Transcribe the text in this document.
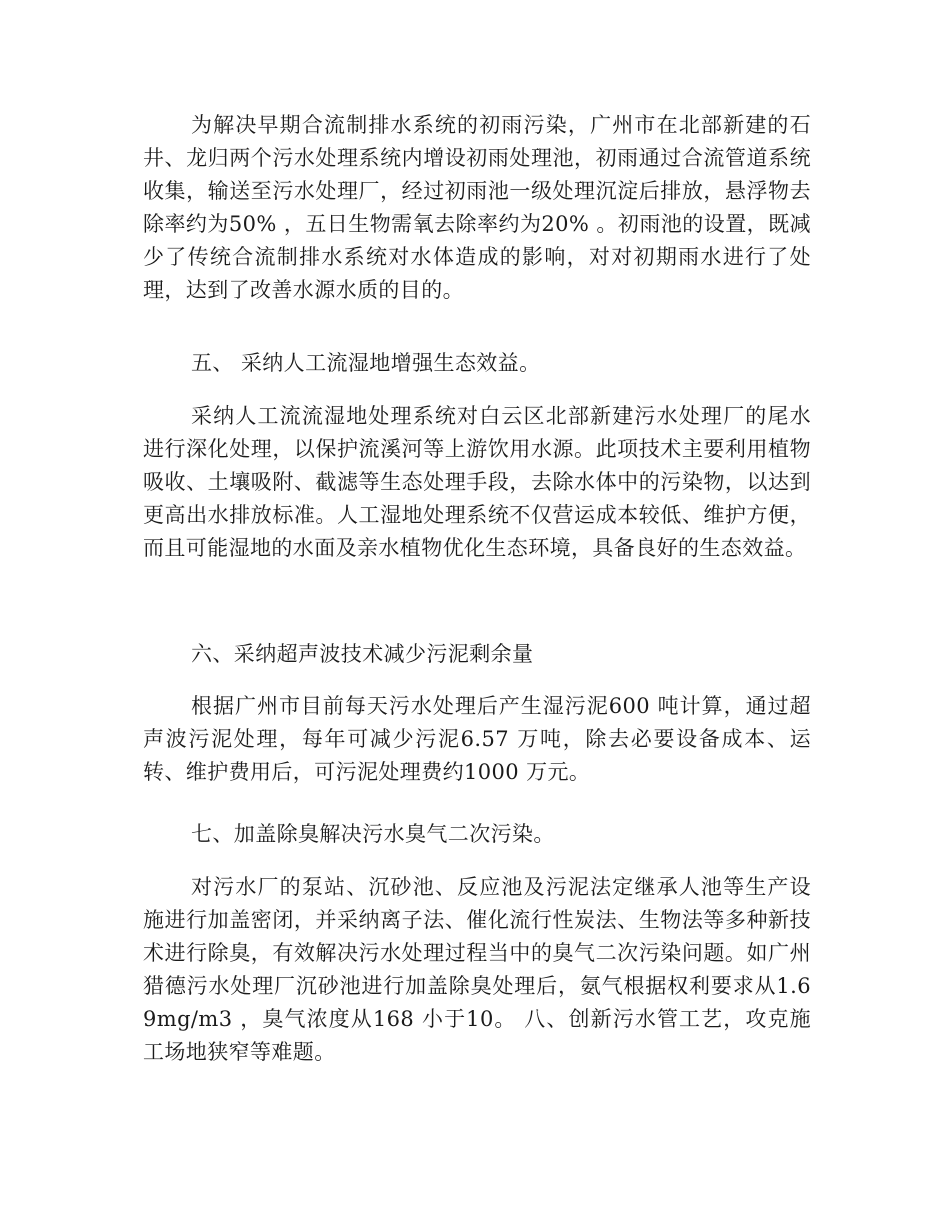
为解决早期合流制排水系统的初雨污染，广州市在北部新建的石井、龙归两个污水处理系统内增设初雨处理池，初雨通过合流管道系统收集，输送至污水处理厂，经过初雨池一级处理沉淀后排放，悬浮物去除率约为50% ，五日生物需氧去除率约为20% 。初雨池的设置，既减少了传统合流制排水系统对水体造成的影响，对对初期雨水进行了处理，达到了改善水源水质的目的。

五、 采纳人工流湿地增强生态效益。

采纳人工流流湿地处理系统对白云区北部新建污水处理厂的尾水进行深化处理，以保护流溪河等上游饮用水源。此项技术主要利用植物吸收、土壤吸附、截滤等生态处理手段，去除水体中的污染物，以达到更高出水排放标准。人工湿地处理系统不仅营运成本较低、维护方便，而且可能湿地的水面及亲水植物优化生态环境，具备良好的生态效益。

六、采纳超声波技术减少污泥剩余量

根据广州市目前每天污水处理后产生湿污泥600 吨计算，通过超声波污泥处理，每年可减少污泥6.57 万吨，除去必要设备成本、运转、维护费用后，可污泥处理费约1000 万元。

七、加盖除臭解决污水臭气二次污染。

对污水厂的泵站、沉砂池、反应池及污泥法定继承人池等生产设施进行加盖密闭，并采纳离子法、催化流行性炭法、生物法等多种新技术进行除臭，有效解决污水处理过程当中的臭气二次污染问题。如广州猎德污水处理厂沉砂池进行加盖除臭处理后，氨气根据权利要求从1.69mg/m3 ，臭气浓度从168 小于10。 八、创新污水管工艺，攻克施工场地狭窄等难题。
